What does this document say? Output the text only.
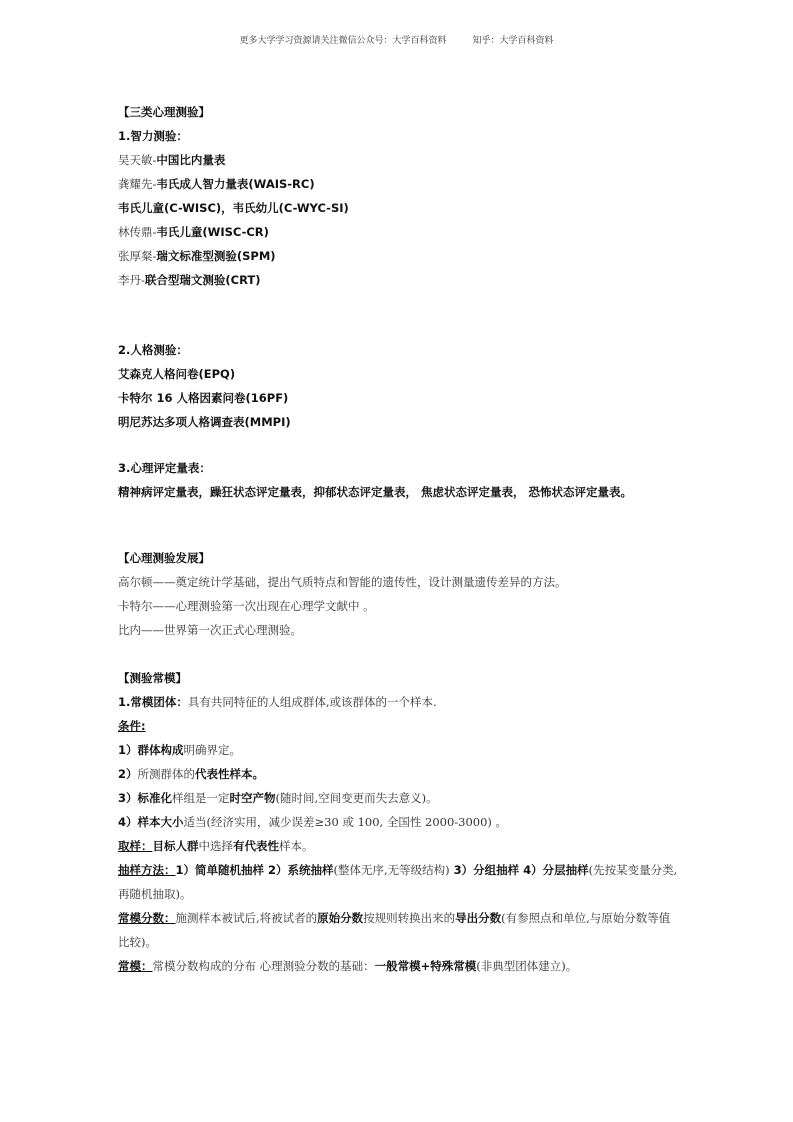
更多大学学习资源请关注微信公众号：大学百科资料	知乎：大学百科资料
【三类心理测验】
1.智力测验：
吴天敏-中国比内量表
龚耀先-韦氏成人智力量表(WAIS-RC)
韦氏儿童(C-WISC)，韦氏幼儿(C-WYC-SI)
林传鼎-韦氏儿童(WISC-CR)
张厚粲-瑞文标准型测验(SPM)
李丹-联合型瑞文测验(CRT)
2.人格测验：
艾森克人格问卷(EPQ)
卡特尔 16 人格因素问卷(16PF)
明尼苏达多项人格调查表(MMPI)
3.心理评定量表：
精神病评定量表，躁狂状态评定量表，抑郁状态评定量表， 焦虑状态评定量表， 恐怖状态评定量表。
【心理测验发展】
高尔顿——奠定统计学基础，提出气质特点和智能的遗传性，设计测量遗传差异的方法。
卡特尔——心理测验第一次出现在心理学文献中 。
比内——世界第一次正式心理测验。
【测验常模】
1.常模团体：具有共同特征的人组成群体,或该群体的一个样本.
条件:
1）群体构成明确界定。
2）所测群体的代表性样本。
3）标准化样组是一定时空产物(随时间,空间变更而失去意义)。
4）样本大小适当(经济实用，减少误差≥30 或 100, 全国性 2000-3000) 。
取样：目标人群中选择有代表性样本。
抽样方法：1）简单随机抽样 2）系统抽样(整体无序,无等级结构) 3）分组抽样 4）分层抽样(先按某变量分类,再随机抽取)。
常模分数：施测样本被试后,将被试者的原始分数按规则转换出来的导出分数(有参照点和单位,与原始分数等值比较)。
常模：常模分数构成的分布 心理测验分数的基础：一般常模+特殊常模(非典型团体建立)。
